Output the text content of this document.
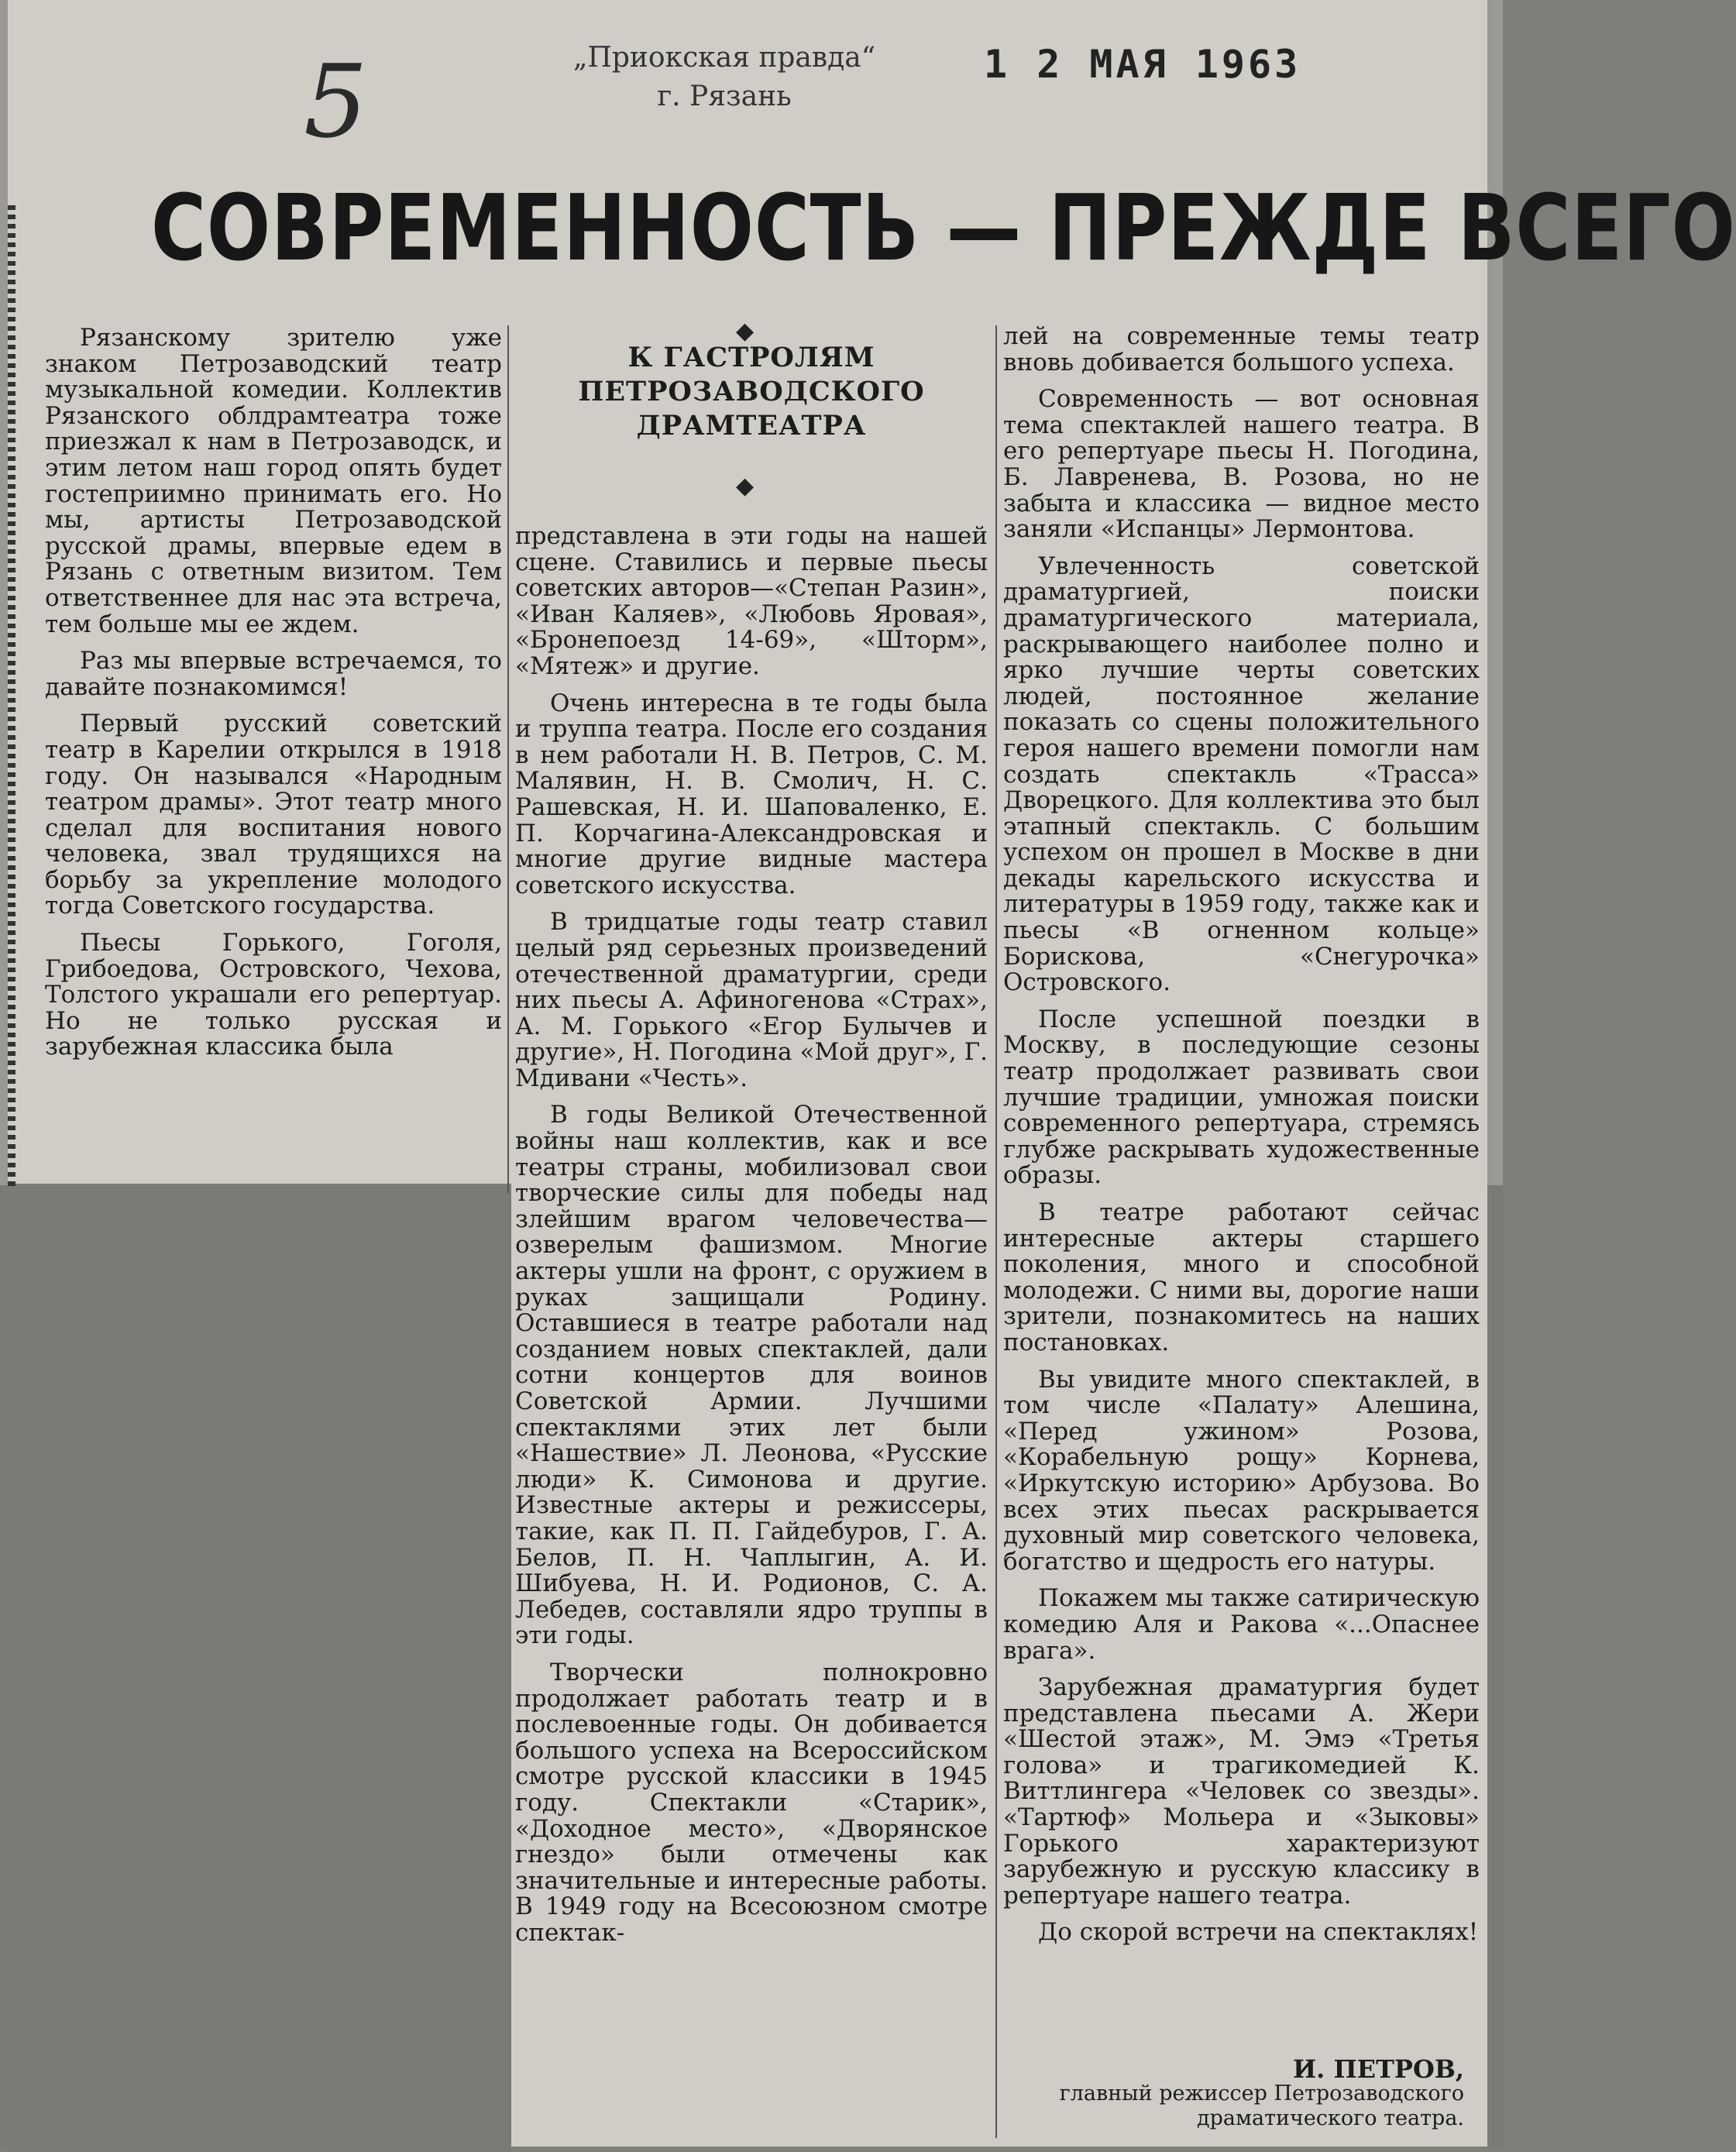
5	„Приокская правда“
г. Рязань
1 2 МАЯ 1963
СОВРЕМЕННОСТЬ — ПРЕЖДЕ ВСЕГО
◆
К ГАСТРОЛЯМ ПЕТРОЗАВОДСКОГО ДРАМТЕАТРА
◆

Рязанскому зрителю уже знаком Петрозаводский театр музыкальной комедии. Коллектив Рязанского облдрамтеатра тоже приезжал к нам в Петрозаводск, и этим летом наш город опять будет гостеприимно принимать его. Но мы, артисты Петрозаводской русской драмы, впервые едем в Рязань с ответным визитом. Тем ответственнее для нас эта встреча, тем больше мы ее ждем.

Раз мы впервые встречаемся, то давайте познакомимся!

Первый русский советский театр в Карелии открылся в 1918 году. Он назывался «Народным театром драмы». Этот театр много сделал для воспитания нового человека, звал трудящихся на борьбу за укрепление молодого тогда Советского государства.

Пьесы Горького, Гоголя, Грибоедова, Островского, Чехова, Толстого украшали его репертуар. Но не только русская и зарубежная классика была

представлена в эти годы на нашей сцене. Ставились и первые пьесы советских авторов—«Степан Разин», «Иван Каляев», «Любовь Яровая», «Бронепоезд 14-69», «Шторм», «Мятеж» и другие.

Очень интересна в те годы была и труппа театра. После его создания в нем работали Н. В. Петров, С. М. Малявин, Н. В. Смолич, Н. С. Рашевская, Н. И. Шаповаленко, Е. П. Корчагина-Александровская и многие другие видные мастера советского искусства.

В тридцатые годы театр ставил целый ряд серьезных произведений отечественной драматургии, среди них пьесы А. Афиногенова «Страх», А. М. Горького «Егор Булычев и другие», Н. Погодина «Мой друг», Г. Мдивани «Честь».

В годы Великой Отечественной войны наш коллектив, как и все театры страны, мобилизовал свои творческие силы для победы над злейшим врагом человечества—озверелым фашизмом. Многие актеры ушли на фронт, с оружием в руках защищали Родину. Оставшиеся в театре работали над созданием новых спектаклей, дали сотни концертов для воинов Советской Армии. Лучшими спектаклями этих лет были «Нашествие» Л. Леонова, «Русские люди» К. Симонова и другие. Известные актеры и режиссеры, такие, как П. П. Гайдебуров, Г. А. Белов, П. Н. Чаплыгин, А. И. Шибуева, Н. И. Родионов, С. А. Лебедев, составляли ядро труппы в эти годы.

Творчески полнокровно продолжает работать театр и в послевоенные годы. Он добивается большого успеха на Всероссийском смотре русской классики в 1945 году. Спектакли «Старик», «Доходное место», «Дворянское гнездо» были отмечены как значительные и интересные работы. В 1949 году на Всесоюзном смотре спектак-

лей на современные темы театр вновь добивается большого успеха.

Современность — вот основная тема спектаклей нашего театра. В его репертуаре пьесы Н. Погодина, Б. Лавренева, В. Розова, но не забыта и классика — видное место заняли «Испанцы» Лермонтова.

Увлеченность советской драматургией, поиски драматургического материала, раскрывающего наиболее полно и ярко лучшие черты советских людей, постоянное желание показать со сцены положительного героя нашего времени помогли нам создать спектакль «Трасса» Дворецкого. Для коллектива это был этапный спектакль. С большим успехом он прошел в Москве в дни декады карельского искусства и литературы в 1959 году, также как и пьесы «В огненном кольце» Борискова, «Снегурочка» Островского.

После успешной поездки в Москву, в последующие сезоны театр продолжает развивать свои лучшие традиции, умножая поиски современного репертуара, стремясь глубже раскрывать художественные образы.

В театре работают сейчас интересные актеры старшего поколения, много и способной молодежи. С ними вы, дорогие наши зрители, познакомитесь на наших постановках.

Вы увидите много спектаклей, в том числе «Палату» Алешина, «Перед ужином» Розова, «Корабельную рощу» Корнева, «Иркутскую историю» Арбузова. Во всех этих пьесах раскрывается духовный мир советского человека, богатство и щедрость его натуры.

Покажем мы также сатирическую комедию Аля и Ракова «...Опаснее врага».

Зарубежная драматургия будет представлена пьесами А. Жери «Шестой этаж», М. Эмэ «Третья голова» и трагикомедией К. Виттлингера «Человек со звезды». «Тартюф» Мольера и «Зыковы» Горького характеризуют зарубежную и русскую классику в репертуаре нашего театра.

До скорой встречи на спектаклях!

И. ПЕТРОВ,
главный режиссер Петрозаводского драматического театра.
